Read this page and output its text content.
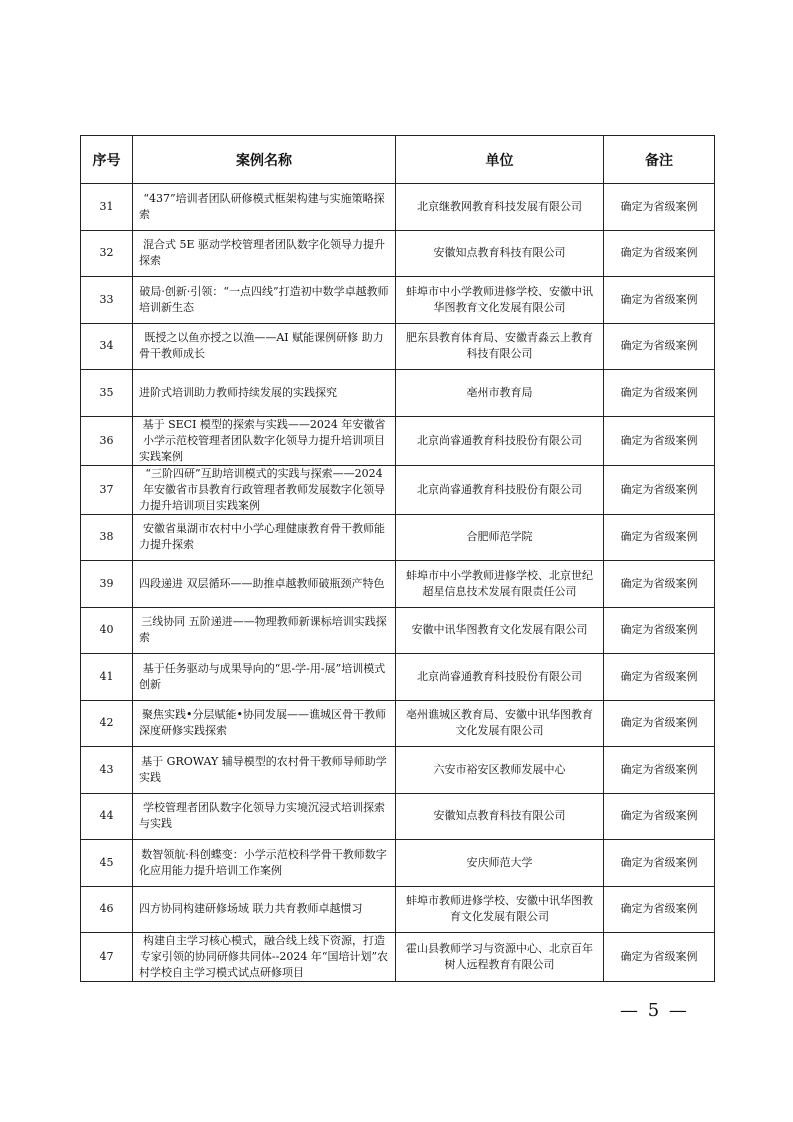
序号	案例名称	单位	备注
31	“437”培训者团队研修模式框架构建与实施策略探索	北京继教网教育科技发展有限公司	确定为省级案例
32	混合式 5E 驱动学校管理者团队数字化领导力提升探索	安徽知点教育科技有限公司	确定为省级案例
33	破局·创新·引领：“一点四线”打造初中数学卓越教师培训新生态	蚌埠市中小学教师进修学校、安徽中讯华图教育文化发展有限公司	确定为省级案例
34	既授之以鱼亦授之以渔——AI 赋能课例研修 助力骨干教师成长	肥东县教育体育局、安徽青淼云上教育科技有限公司	确定为省级案例
35	进阶式培训助力教师持续发展的实践探究	亳州市教育局	确定为省级案例
36	基于 SECI 模型的探索与实践——2024 年安徽省小学示范校管理者团队数字化领导力提升培训项目实践案例	北京尚睿通教育科技股份有限公司	确定为省级案例
37	“三阶四研”互助培训模式的实践与探索——2024 年安徽省市县教育行政管理者教师发展数字化领导力提升培训项目实践案例	北京尚睿通教育科技股份有限公司	确定为省级案例
38	安徽省巢湖市农村中小学心理健康教育骨干教师能力提升探索	合肥师范学院	确定为省级案例
39	四段递进 双层循环——助推卓越教师破瓶颈产特色	蚌埠市中小学教师进修学校、北京世纪超星信息技术发展有限责任公司	确定为省级案例
40	三线协同 五阶递进——物理教师新课标培训实践探索	安徽中讯华图教育文化发展有限公司	确定为省级案例
41	基于任务驱动与成果导向的“思-学-用-展”培训模式创新	北京尚睿通教育科技股份有限公司	确定为省级案例
42	聚焦实践•分层赋能•协同发展——谯城区骨干教师深度研修实践探索	亳州谯城区教育局、安徽中讯华图教育文化发展有限公司	确定为省级案例
43	基于 GROWAY 辅导模型的农村骨干教师导师助学实践	六安市裕安区教师发展中心	确定为省级案例
44	学校管理者团队数字化领导力实境沉浸式培训探索与实践	安徽知点教育科技有限公司	确定为省级案例
45	数智领航·科创蝶变：小学示范校科学骨干教师数字化应用能力提升培训工作案例	安庆师范大学	确定为省级案例
46	四方协同构建研修场域 联力共育教师卓越惯习	蚌埠市教师进修学校、安徽中讯华图教育文化发展有限公司	确定为省级案例
47	构建自主学习核心模式，融合线上线下资源，打造专家引领的协同研修共同体--2024 年“国培计划”农村学校自主学习模式试点研修项目	霍山县教师学习与资源中心、北京百年树人远程教育有限公司	确定为省级案例
— 5 —
